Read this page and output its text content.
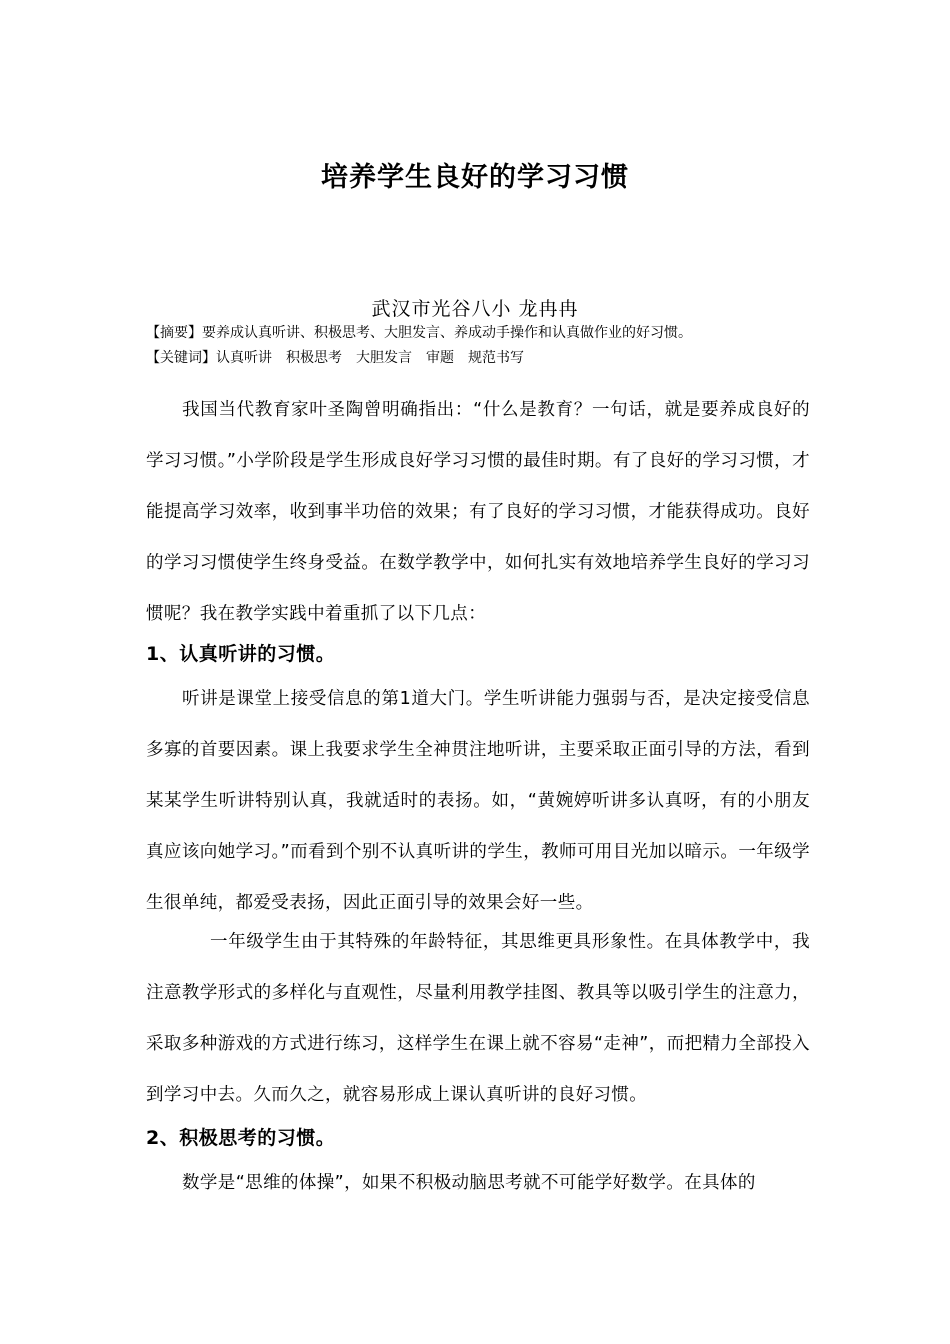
培养学生良好的学习习惯
武汉市光谷八小 龙冉冉
【摘要】要养成认真听讲、积极思考、大胆发言、养成动手操作和认真做作业的好习惯。
【关键词】认真听讲 积极思考 大胆发言 审题 规范书写
我国当代教育家叶圣陶曾明确指出：“什么是教育？一句话，就是要养成良好的学习习惯。”小学阶段是学生形成良好学习习惯的最佳时期。有了良好的学习习惯，才能提高学习效率，收到事半功倍的效果；有了良好的学习习惯，才能获得成功。良好的学习习惯使学生终身受益。在数学教学中，如何扎实有效地培养学生良好的学习习惯呢？我在教学实践中着重抓了以下几点：
1、认真听讲的习惯。
听讲是课堂上接受信息的第1道大门。学生听讲能力强弱与否，是决定接受信息多寡的首要因素。课上我要求学生全神贯注地听讲，主要采取正面引导的方法，看到某某学生听讲特别认真，我就适时的表扬。如，“黄婉婷听讲多认真呀，有的小朋友真应该向她学习。”而看到个别不认真听讲的学生，教师可用目光加以暗示。一年级学生很单纯，都爱受表扬，因此正面引导的效果会好一些。
一年级学生由于其特殊的年龄特征，其思维更具形象性。在具体教学中，我注意教学形式的多样化与直观性，尽量利用教学挂图、教具等以吸引学生的注意力，采取多种游戏的方式进行练习，这样学生在课上就不容易“走神”，而把精力全部投入到学习中去。久而久之，就容易形成上课认真听讲的良好习惯。
2、积极思考的习惯。
数学是“思维的体操”，如果不积极动脑思考就不可能学好数学。在具体的
